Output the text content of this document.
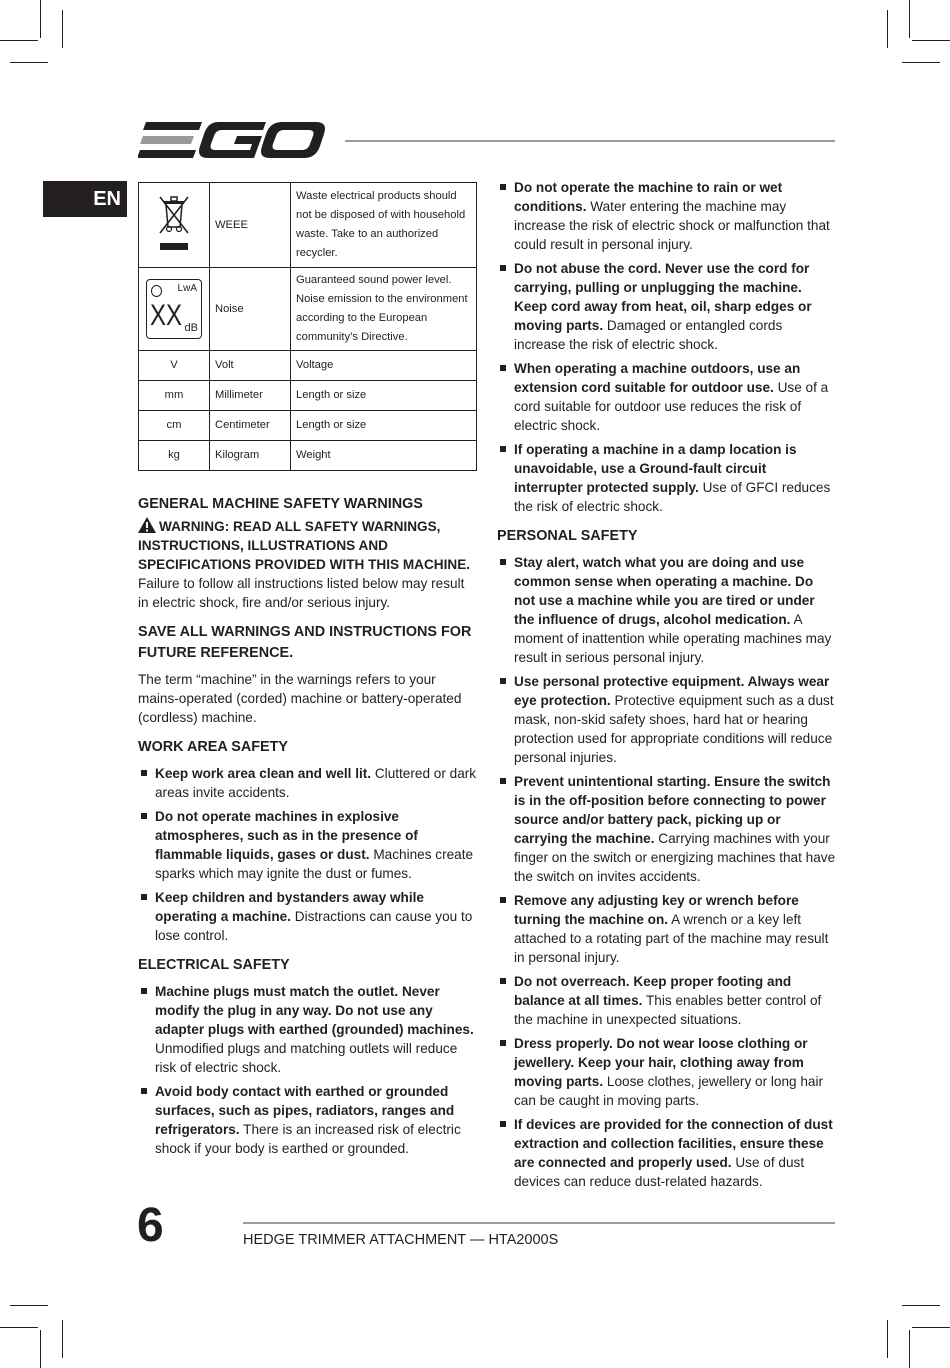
EN
	WEEE	Waste electrical products should not be disposed of with household waste. Take to an authorized recycler.

LwA
XX dB	Noise	Guaranteed sound power level. Noise emission to the environment according to the European community’s Directive.
V	Volt	Voltage
mm	Millimeter	Length or size
cm	Centimeter	Length or size
kg	Kilogram	Weight
GENERAL MACHINE SAFETY WARNINGS

WARNING: READ ALL SAFETY WARNINGS, INSTRUCTIONS, ILLUSTRATIONS AND SPECIFICATIONS PROVIDED WITH THIS MACHINE. Failure to follow all instructions listed below may result in electric shock, fire and/or serious injury.

SAVE ALL WARNINGS AND INSTRUCTIONS FOR FUTURE REFERENCE.

The term “machine” in the warnings refers to your mains-operated (corded) machine or battery-operated (cordless) machine.

WORK AREA SAFETY
Keep work area clean and well lit. Cluttered or dark areas invite accidents.
Do not operate machines in explosive atmospheres, such as in the presence of flammable liquids, gases or dust. Machines create sparks which may ignite the dust or fumes.
Keep children and bystanders away while operating a machine. Distractions can cause you to lose control.
ELECTRICAL SAFETY
Machine plugs must match the outlet. Never modify the plug in any way. Do not use any adapter plugs with earthed (grounded) machines. Unmodified plugs and matching outlets will reduce risk of electric shock.
Avoid body contact with earthed or grounded surfaces, such as pipes, radiators, ranges and refrigerators. There is an increased risk of electric shock if your body is earthed or grounded.
Do not operate the machine to rain or wet conditions. Water entering the machine may increase the risk of electric shock or malfunction that could result in personal injury.
Do not abuse the cord. Never use the cord for carrying, pulling or unplugging the machine. Keep cord away from heat, oil, sharp edges or moving parts. Damaged or entangled cords increase the risk of electric shock.
When operating a machine outdoors, use an extension cord suitable for outdoor use. Use of a cord suitable for outdoor use reduces the risk of electric shock.
If operating a machine in a damp location is unavoidable, use a Ground-fault circuit interrupter protected supply. Use of GFCI reduces the risk of electric shock.
PERSONAL SAFETY
Stay alert, watch what you are doing and use common sense when operating a machine. Do not use a machine while you are tired or under the influence of drugs, alcohol medication. A moment of inattention while operating machines may result in serious personal injury.
Use personal protective equipment. Always wear eye protection. Protective equipment such as a dust mask, non-skid safety shoes, hard hat or hearing protection used for appropriate conditions will reduce personal injuries.
Prevent unintentional starting. Ensure the switch is in the off-position before connecting to power source and/or battery pack, picking up or carrying the machine. Carrying machines with your finger on the switch or energizing machines that have the switch on invites accidents.
Remove any adjusting key or wrench before turning the machine on. A wrench or a key left attached to a rotating part of the machine may result in personal injury.
Do not overreach. Keep proper footing and balance at all times. This enables better control of the machine in unexpected situations.
Dress properly. Do not wear loose clothing or jewellery. Keep your hair, clothing away from moving parts. Loose clothes, jewellery or long hair can be caught in moving parts.
If devices are provided for the connection of dust extraction and collection facilities, ensure these are connected and properly used. Use of dust devices can reduce dust-related hazards.
6	HEDGE TRIMMER ATTACHMENT — HTA2000S
